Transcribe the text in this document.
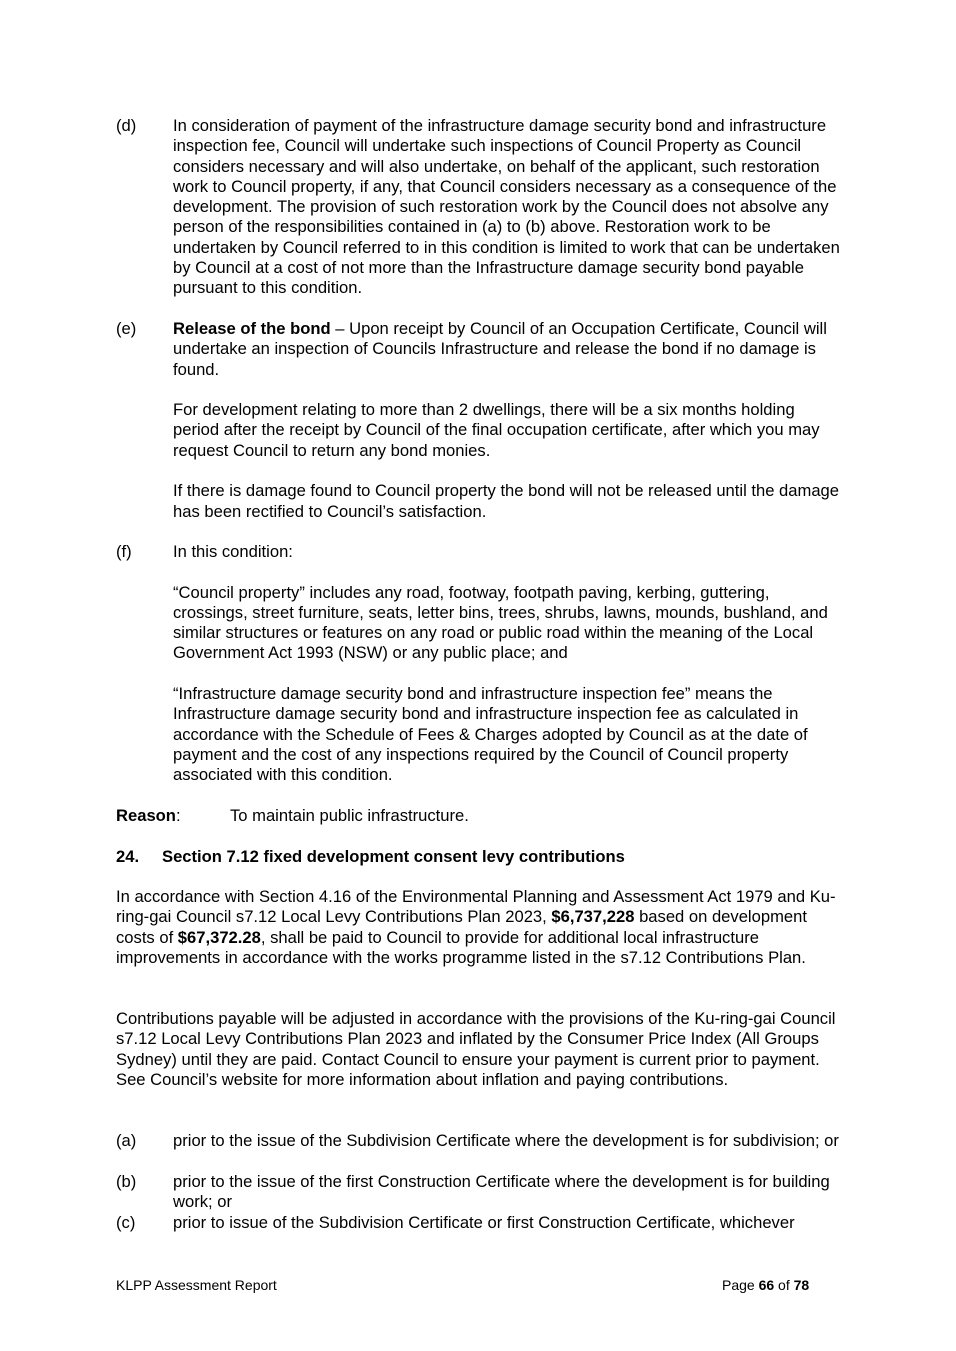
(d)	In consideration of payment of the infrastructure damage security bond and infrastructure inspection fee, Council will undertake such inspections of Council Property as Council considers necessary and will also undertake, on behalf of the applicant, such restoration work to Council property, if any, that Council considers necessary as a consequence of the development. The provision of such restoration work by the Council does not absolve any person of the responsibilities contained in (a) to (b) above. Restoration work to be undertaken by Council referred to in this condition is limited to work that can be undertaken by Council at a cost of not more than the Infrastructure damage security bond payable pursuant to this condition.

(e)	Release of the bond – Upon receipt by Council of an Occupation Certificate, Council will undertake an inspection of Councils Infrastructure and release the bond if no damage is found.

For development relating to more than 2 dwellings, there will be a six months holding period after the receipt by Council of the final occupation certificate, after which you may request Council to return any bond monies.

If there is damage found to Council property the bond will not be released until the damage has been rectified to Council’s satisfaction.

(f)	In this condition:

“Council property” includes any road, footway, footpath paving, kerbing, guttering, crossings, street furniture, seats, letter bins, trees, shrubs, lawns, mounds, bushland, and similar structures or features on any road or public road within the meaning of the Local Government Act 1993 (NSW) or any public place; and

“Infrastructure damage security bond and infrastructure inspection fee” means the Infrastructure damage security bond and infrastructure inspection fee as calculated in accordance with the Schedule of Fees & Charges adopted by Council as at the date of payment and the cost of any inspections required by the Council of Council property associated with this condition.

Reason:	To maintain public infrastructure.
24. Section 7.12 fixed development consent levy contributions

In accordance with Section 4.16 of the Environmental Planning and Assessment Act 1979 and Ku-ring-gai Council s7.12 Local Levy Contributions Plan 2023, $6,737,228 based on development costs of $67,372.28, shall be paid to Council to provide for additional local infrastructure improvements in accordance with the works programme listed in the s7.12 Contributions Plan.

Contributions payable will be adjusted in accordance with the provisions of the Ku-ring-gai Council s7.12 Local Levy Contributions Plan 2023 and inflated by the Consumer Price Index (All Groups Sydney) until they are paid. Contact Council to ensure your payment is current prior to payment. See Council’s website for more information about inflation and paying contributions.

(a)	prior to the issue of the Subdivision Certificate where the development is for subdivision; or

(b)	prior to the issue of the first Construction Certificate where the development is for building work; or

(c)	prior to issue of the Subdivision Certificate or first Construction Certificate, whichever

KLPP Assessment Report	Page 66 of 78
